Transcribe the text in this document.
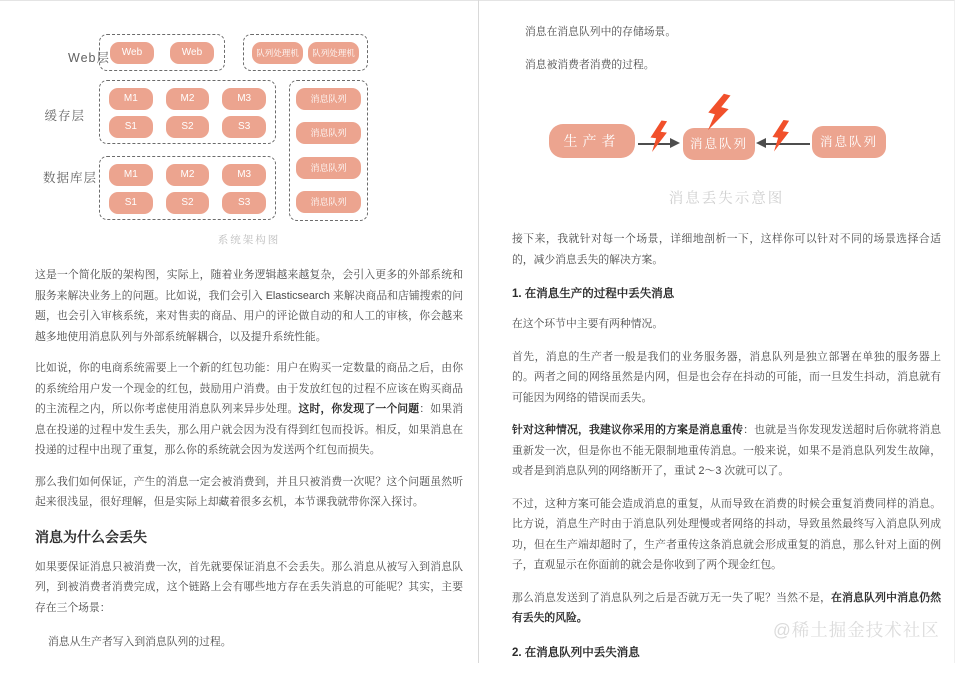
Web层
缓存层
数据库层
Web	Web	队列处理机	队列处理机
M1	M2	M3
S1	S2	S3
M1	M2	M3
S1	S2	S3
消息队列
消息队列
消息队列
消息队列
系统架构图

这是一个简化版的架构图，实际上，随着业务逻辑越来越复杂，会引入更多的外部系统和服务来解决业务上的问题。比如说，我们会引入 Elasticsearch 来解决商品和店铺搜索的问题，也会引入审核系统，来对售卖的商品、用户的评论做自动的和人工的审核，你会越来越多地使用消息队列与外部系统解耦合，以及提升系统性能。

比如说，你的电商系统需要上一个新的红包功能：用户在购买一定数量的商品之后，由你的系统给用户发一个现金的红包，鼓励用户消费。由于发放红包的过程不应该在购买商品的主流程之内，所以你考虑使用消息队列来异步处理。这时，你发现了一个问题：如果消息在投递的过程中发生丢失，那么用户就会因为没有得到红包而投诉。相反，如果消息在投递的过程中出现了重复，那么你的系统就会因为发送两个红包而损失。

那么我们如何保证，产生的消息一定会被消费到，并且只被消费一次呢？这个问题虽然听起来很浅显，很好理解，但是实际上却藏着很多玄机，本节课我就带你深入探讨。

消息为什么会丢失

如果要保证消息只被消费一次，首先就要保证消息不会丢失。那么消息从被写入到消息队列，到被消费者消费完成，这个链路上会有哪些地方存在丢失消息的可能呢？其实，主要存在三个场景：

消息从生产者写入到消息队列的过程。

消息在消息队列中的存储场景。

消息被消费者消费的过程。

生产者	消息队列	消息队列
消息丢失示意图

接下来，我就针对每一个场景，详细地剖析一下，这样你可以针对不同的场景选择合适的，减少消息丢失的解决方案。

1. 在消息生产的过程中丢失消息

在这个环节中主要有两种情况。

首先，消息的生产者一般是我们的业务服务器，消息队列是独立部署在单独的服务器上的。两者之间的网络虽然是内网，但是也会存在抖动的可能，而一旦发生抖动，消息就有可能因为网络的错误而丢失。

针对这种情况，我建议你采用的方案是消息重传：也就是当你发现发送超时后你就将消息重新发一次，但是你也不能无限制地重传消息。一般来说，如果不是消息队列发生故障，或者是到消息队列的网络断开了，重试 2～3 次就可以了。

不过，这种方案可能会造成消息的重复，从而导致在消费的时候会重复消费同样的消息。比方说，消息生产时由于消息队列处理慢或者网络的抖动，导致虽然最终写入消息队列成功，但在生产端却超时了，生产者重传这条消息就会形成重复的消息，那么针对上面的例子，直观显示在你面前的就会是你收到了两个现金红包。

那么消息发送到了消息队列之后是否就万无一失了呢？当然不是，在消息队列中消息仍然有丢失的风险。

2. 在消息队列中丢失消息
@稀土掘金技术社区
